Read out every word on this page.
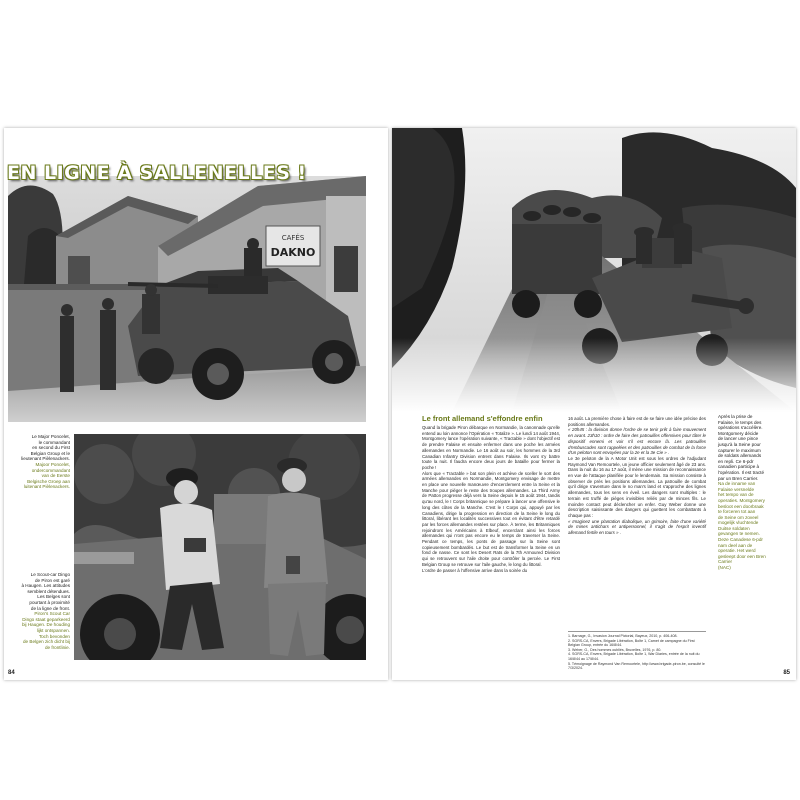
EN LIGNE À SALLENELLES !
CAFÉS
DAKNO

Le Major Poncelet,

le commandant

en second du First

Belgian Group et le

lieutenant Pièlenackers.

Majoor Poncelet,

ondercommandant

van de Eerste

Belgische Groep aan

luitenant Pièlenackers.

Le Scout-car Dingo

de Piron est garé

à Haugen. Les attitudes

semblent détendues.

Les Belges sont

pourtant à proximité

de la ligne de front.

Piron's Scout Car

Dingo staat geparkeerd

bij Haugen. De houding

lijkt ontspannen.

Toch bevonden

de Belgen zich dicht bij

de frontlinie.

84
Le front allemand s'effondre enfin

Quand la brigade Piron débarque en Normandie, la canonnade qu'elle entend au loin annonce l'Opération « Totalize ». Le lundi 14 août 1944, Montgomery lance l'opération suivante, « Tractable » dont l'objectif est de prendre Falaise et ensuite enfermer dans une poche les armées allemandes en Normandie. Le 16 août au soir, les hommes de la 3rd Canadian Infantry Division entrent dans Falaise. Ils vont s'y battre toute la nuit. Il faudra encore deux jours de bataille pour fermer la poche !

Alors que « Tractable » bat son plein et achève de sceller le sort des armées allemandes en Normandie, Montgomery envisage de mettre en place une nouvelle manœuvre d'encerclement entre la Seine et la Manche pour piéger le reste des troupes allemandes. La Third Army de Patton progresse déjà vers la Seine depuis le 15 août 1944, tandis qu'au nord, le I Corps britannique se prépare à lancer une offensive le long des côtes de la Manche. C'est le I Corps qui, appuyé par les Canadiens, dirige la progression en direction de la Seine le long du littoral, libérant les localités successives tout en évitant d'être retardé par les forces allemandes restées sur place. À terme, les Britanniques rejoindront les Américains à Elbeuf, encerclant ainsi les forces allemandes qui n'ont pas encore eu le temps de traverser la Seine. Pendant ce temps, les ponts de passage sur la Seine sont copieusement bombardés. Le but est de transformer la Seine en un fond de nasse. Ce sont les Desert Rats de la 7th Armoured Division qui se retrouvent sur l'aile droite pour contrôler la percée. Le First Belgian Group se retrouve sur l'aile gauche, le long du littoral.

L'ordre de passer à l'offensive arrive dans la soirée du

16 août. La première chose à faire est de se faire une idée précise des positions allemandes.

« 20h45 : la division donne l'ordre de se tenir prêt à faire mouvement en avant. 23h10 : ordre de faire des patrouilles offensives pour tâter le dispositif ennemi et voir s'il est encore là. Les patrouilles d'embuscades sont rappelées et des patrouilles de combat de la force d'un peloton sont envoyées par la 2e et la 3e Cie » .

Le 3e peloton de la A Motor Unit est sous les ordres de l'adjudant Raymond Van Remoortele, un jeune officier seulement âgé de 23 ans. Dans la nuit du 16 au 17 août, il mène une mission de reconnaissance en vue de l'attaque planifiée pour le lendemain. Sa mission consiste à observer de près les positions allemandes. La patrouille de combat qu'il dirige s'aventure dans le no man's land et s'approche des lignes allemandes, tous les sens en éveil. Les dangers sont multiples : le terrain est truffé de pièges invisibles reliés par de minces fils. Le moindre contact peut déclencher un enfer. Guy Weber donne une description saisissante des dangers qui guettent les combattants à chaque pas :

« Imaginez une plantation diabolique, un grimoire, faite d'une variété de mines antichars et antipersonnel, il s'agit de l'esprit inventif allemand fertile en tours » .

1. Barnage, G., Invasion Journal Pictorial, Bayeux, 2010, p. 406-408.

2. SGRS-CA, Envers, Brigade Libération, Boîte 1, Carnet de campagne du First Belgian Group, entrée du 16/8/44.

3. Weber, G., Des hommes oubliés, Bruxelles, 1976, p. 80.

4. SGRS-CA, Envers, Brigade Libération, Boîte 1, War Diaries, entrée de la nuit du 16/8/44 au 17/8/44.

5. Témoignage de Raymond Van Remoortele, http://www.brigade-piron.be, consulté le 7/3/2024.

Après la prise de

Falaise, le temps des

opérations s'accélère.

Montgomery décide

de lancer une pince

jusqu'à la Seine pour

capturer le maximum

de soldats allemands

en repli. Ce 6-pdr

canadien participe à

l'opération. Il est tracté

par un Bren Carrier.

Na de inname van

Falaise versnelde

het tempo van de

operaties. Montgomery

besloot een doorbraak

te forceren tot aan

de Seine om zoveel

mogelijk vluchtende

Duitse soldaten

gevangen te nemen.

Deze Canadese 6-pdr

nam deel aan de

operatie. Het werd

gesleept door een Bren

Carrier

(NAC)

85
